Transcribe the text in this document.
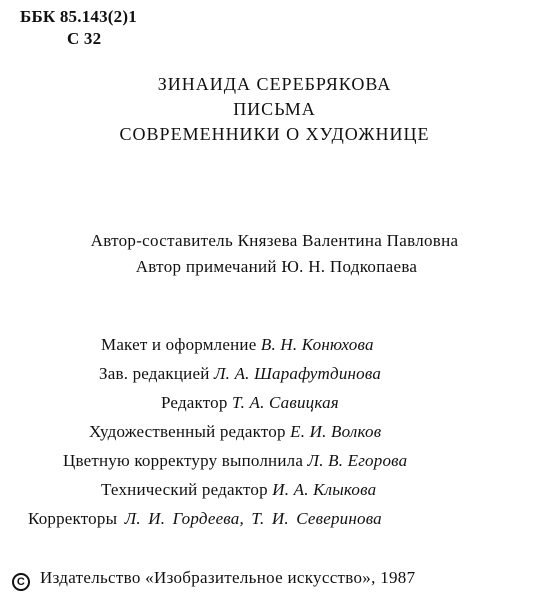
ББК 85.143(2)1
С 32
ЗИНАИДА СЕРЕБРЯКОВА
ПИСЬМА
СОВРЕМЕННИКИ О ХУДОЖНИЦЕ
Автор-составитель Князева Валентина Павловна
Автор примечаний Ю. Н. Подкопаева
Макет и оформление В. Н. Конюхова
Зав. редакцией Л. А. Шарафутдинова
Редактор Т. А. Савицкая
Художественный редактор Е. И. Волков
Цветную корректуру выполнила Л. В. Егорова
Технический редактор И. А. Клыкова
Корректоры Л. И. Гордеева, Т. И. Северинова
C Издательство «Изобразительное искусство», 1987
